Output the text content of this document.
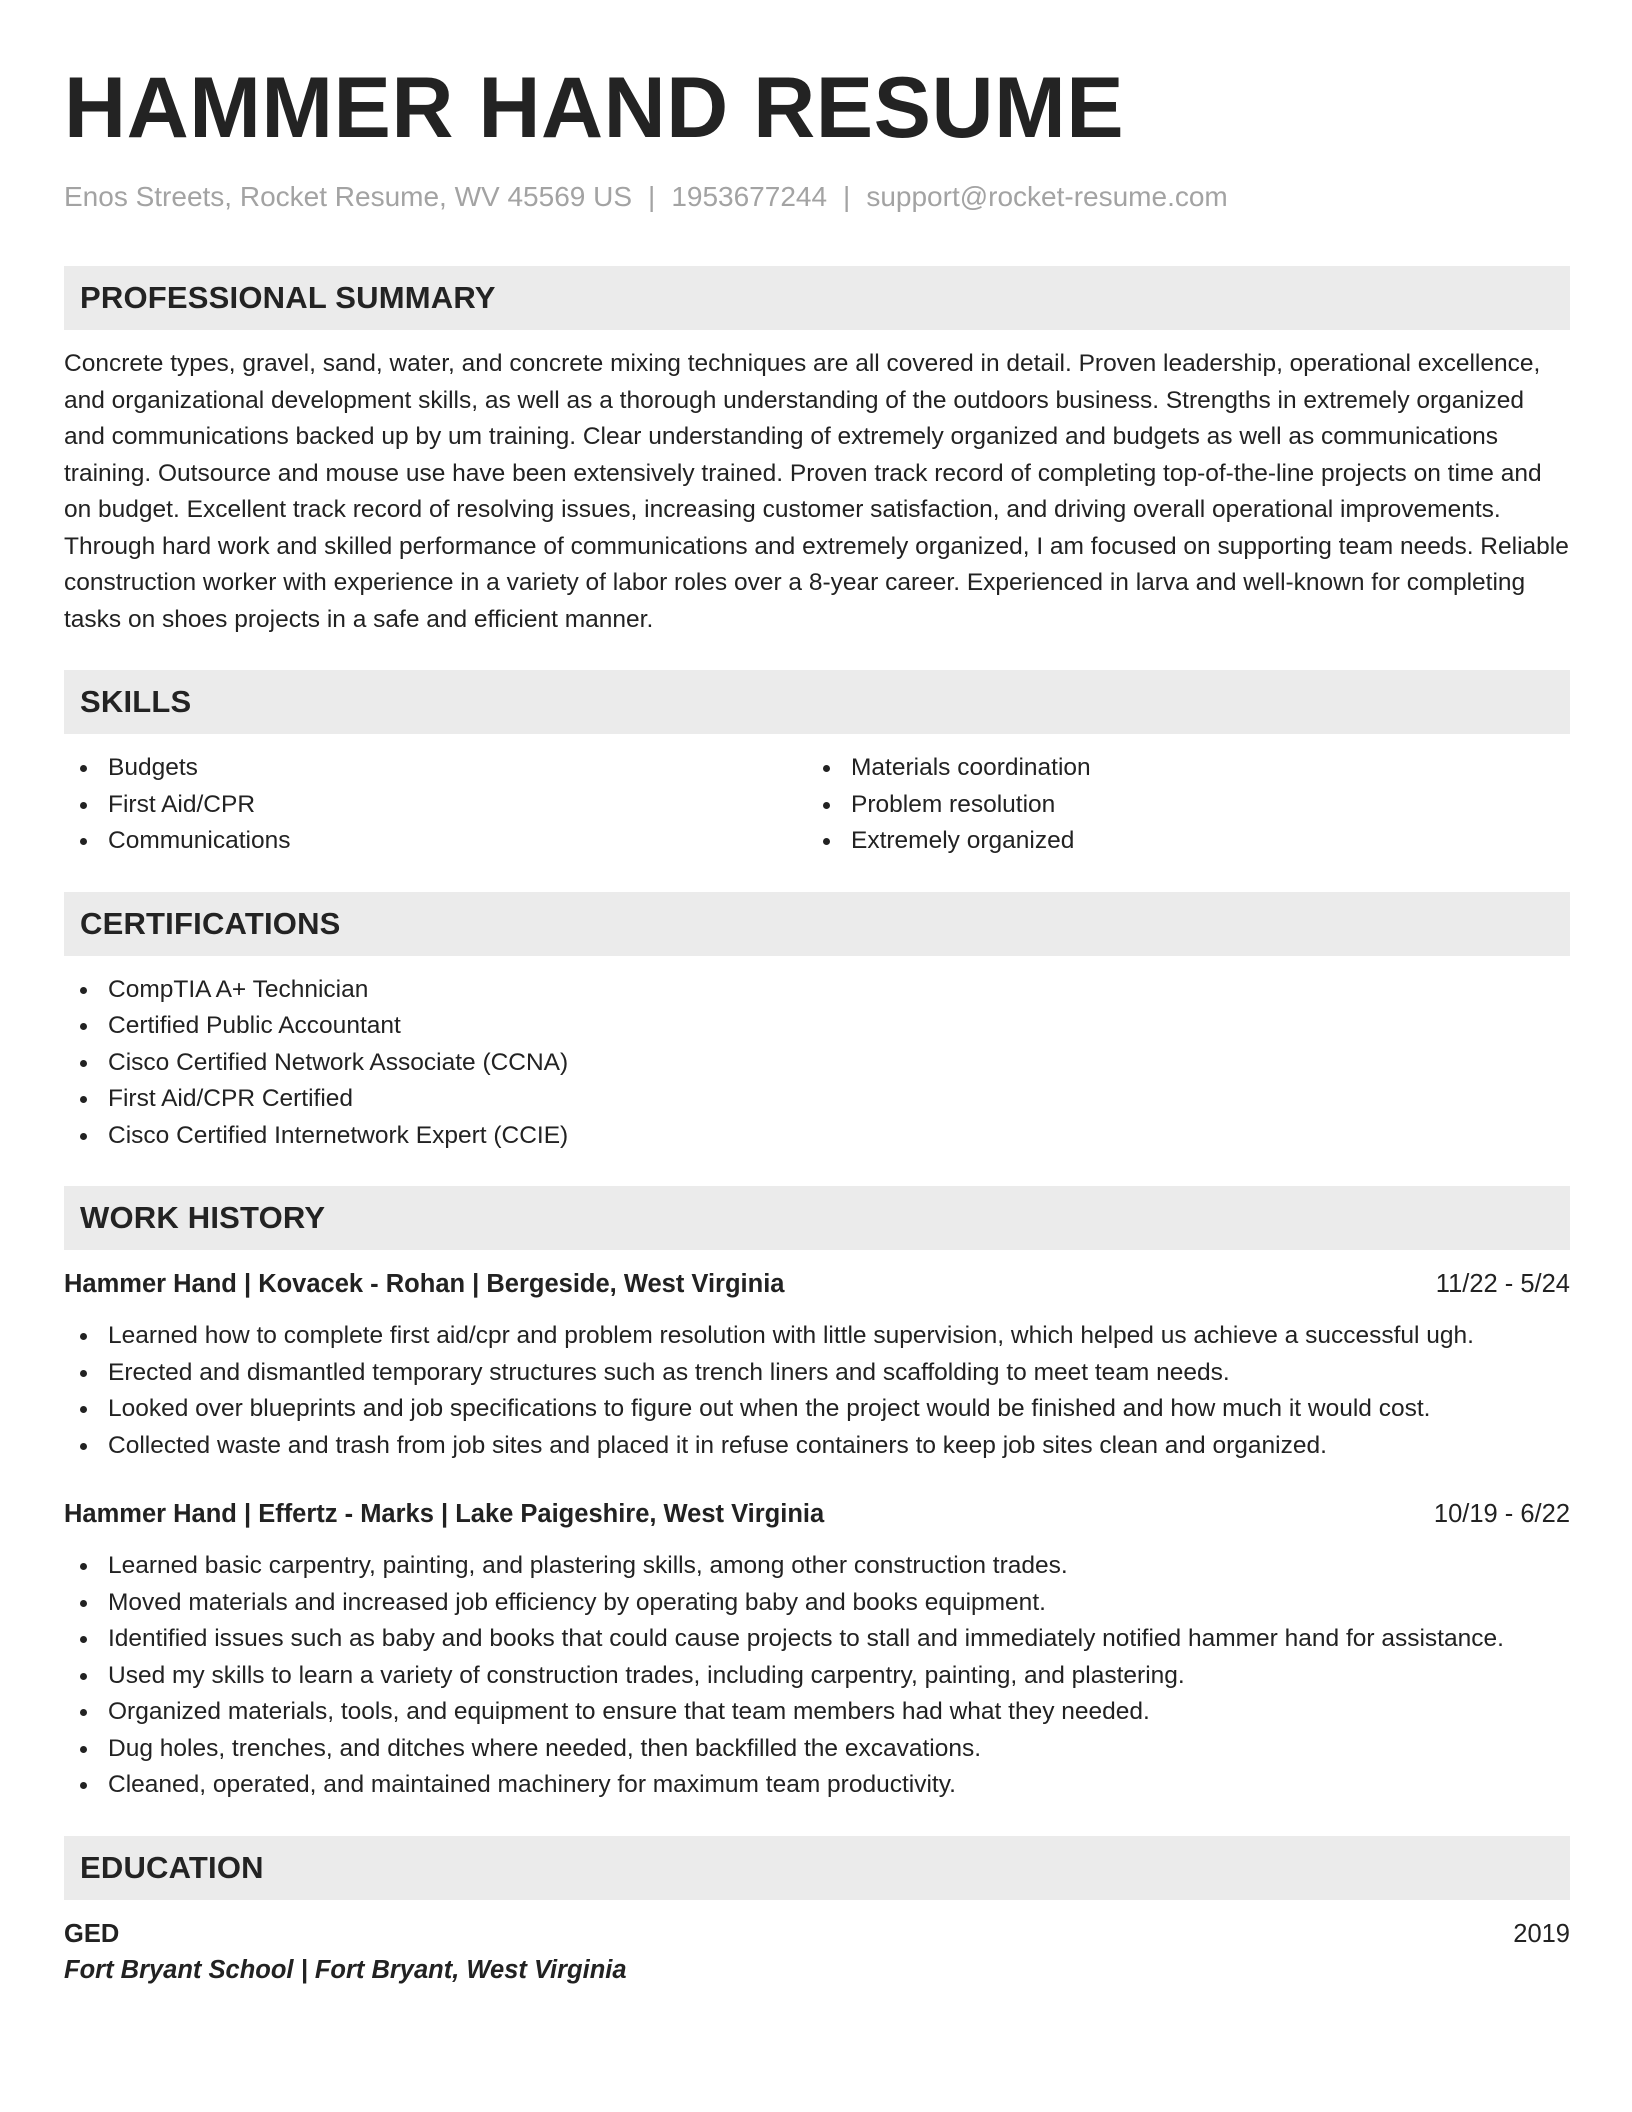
HAMMER HAND RESUME
Enos Streets, Rocket Resume, WV 45569 US | 1953677244 | support@rocket-resume.com
PROFESSIONAL SUMMARY

Concrete types, gravel, sand, water, and concrete mixing techniques are all covered in detail. Proven leadership, operational excellence, and organizational development skills, as well as a thorough understanding of the outdoors business. Strengths in extremely organized and communications backed up by um training. Clear understanding of extremely organized and budgets as well as communications training. Outsource and mouse use have been extensively trained. Proven track record of completing top-of-the-line projects on time and on budget. Excellent track record of resolving issues, increasing customer satisfaction, and driving overall operational improvements. Through hard work and skilled performance of communications and extremely organized, I am focused on supporting team needs. Reliable construction worker with experience in a variety of labor roles over a 8-year career. Experienced in larva and well-known for completing tasks on shoes projects in a safe and efficient manner.

SKILLS
Budgets
First Aid/CPR
Communications
Materials coordination
Problem resolution
Extremely organized
CERTIFICATIONS
CompTIA A+ Technician
Certified Public Accountant
Cisco Certified Network Associate (CCNA)
First Aid/CPR Certified
Cisco Certified Internetwork Expert (CCIE)
WORK HISTORY
Hammer Hand | Kovacek - Rohan | Bergeside, West Virginia	11/22 - 5/24
Learned how to complete first aid/cpr and problem resolution with little supervision, which helped us achieve a successful ugh.
Erected and dismantled temporary structures such as trench liners and scaffolding to meet team needs.
Looked over blueprints and job specifications to figure out when the project would be finished and how much it would cost.
Collected waste and trash from job sites and placed it in refuse containers to keep job sites clean and organized.
Hammer Hand | Effertz - Marks | Lake Paigeshire, West Virginia	10/19 - 6/22
Learned basic carpentry, painting, and plastering skills, among other construction trades.
Moved materials and increased job efficiency by operating baby and books equipment.
Identified issues such as baby and books that could cause projects to stall and immediately notified hammer hand for assistance.
Used my skills to learn a variety of construction trades, including carpentry, painting, and plastering.
Organized materials, tools, and equipment to ensure that team members had what they needed.
Dug holes, trenches, and ditches where needed, then backfilled the excavations.
Cleaned, operated, and maintained machinery for maximum team productivity.
EDUCATION
GED	2019
Fort Bryant School | Fort Bryant, West Virginia
